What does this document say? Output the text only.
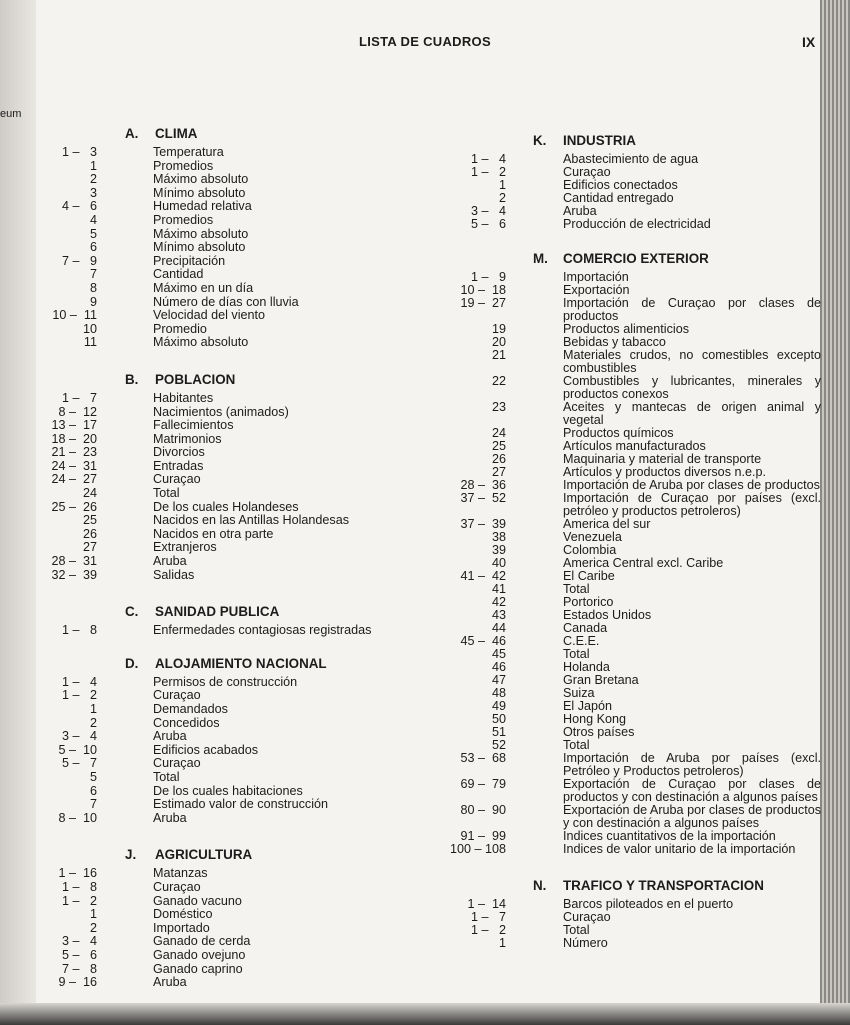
eum
LISTA DE CUADROS	IX
A.	CLIMA
1 –   3	Temperatura
1	Promedios
2	Máximo absoluto
3	Mínimo absoluto
4 –   6	Humedad relativa
4	Promedios
5	Máximo absoluto
6	Mínimo absoluto
7 –   9	Precipitación
7	Cantidad
8	Máximo en un día
9	Número de días con lluvia
10 –  11	Velocidad del viento
10	Promedio
11	Máximo absoluto
B.	POBLACION
1 –   7	Habitantes
8 –  12	Nacimientos (animados)
13 –  17	Fallecimientos
18 –  20	Matrimonios
21 –  23	Divorcios
24 –  31	Entradas
24 –  27	Curaçao
24	Total
25 –  26	De los cuales Holandeses
25	Nacidos en las Antillas Holandesas
26	Nacidos en otra parte
27	Extranjeros
28 –  31	Aruba
32 –  39	Salidas
C.	SANIDAD PUBLICA
1 –   8	Enfermedades contagiosas registradas
D.	ALOJAMIENTO NACIONAL
1 –   4	Permisos de construcción
1 –   2	Curaçao
1	Demandados
2	Concedidos
3 –   4	Aruba
5 –  10	Edificios acabados
5 –   7	Curaçao
5	Total
6	De los cuales habitaciones
7	Estimado valor de construcción
8 –  10	Aruba
J.	AGRICULTURA
1 –  16	Matanzas
1 –   8	Curaçao
1 –   2	Ganado vacuno
1	Doméstico
2	Importado
3 –   4	Ganado de cerda
5 –   6	Ganado ovejuno
7 –   8	Ganado caprino
9 –  16	Aruba
K.	INDUSTRIA
1 –   4	Abastecimiento de agua
1 –   2	Curaçao
1	Edificios conectados
2	Cantidad entregado
3 –   4	Aruba
5 –   6	Producción de electricidad
M.	COMERCIO EXTERIOR
1 –   9	Importación
10 –  18	Exportación
19 –  27	Importación de Curaçao por clases de productos
19	Productos alimenticios
20	Bebidas y tabacco
21	Materiales crudos, no comestibles excepto combustibles
22	Combustibles y lubricantes, minerales y productos conexos
23	Aceites y mantecas de origen animal y vegetal
24	Productos químicos
25	Artículos manufacturados
26	Maquinaria y material de transporte
27	Artículos y productos diversos n.e.p.
28 –  36	Importación de Aruba por clases de productos
37 –  52	Importación de Curaçao por países (excl. petróleo y productos petroleros)
37 –  39	America del sur
38	Venezuela
39	Colombia
40	America Central excl. Caribe
41 –  42	El Caribe
41	Total
42	Portorico
43	Estados Unidos
44	Canada
45 –  46	C.E.E.
45	Total
46	Holanda
47	Gran Bretana
48	Suiza
49	El Japón
50	Hong Kong
51	Otros países
52	Total
53 –  68	Importación de Aruba por países (excl. Petróleo y Productos petroleros)
69 –  79	Exportación de Curaçao por clases de productos y con destinación a algunos países
80 –  90	Exportación de Aruba por clases de productos y con destinación a algunos países
91 –  99	Indices cuantitativos de la importación
100 – 108	Indices de valor unitario de la importación
N.	TRAFICO Y TRANSPORTACION
1 –  14	Barcos piloteados en el puerto
1 –   7	Curaçao
1 –   2	Total
1	Número
